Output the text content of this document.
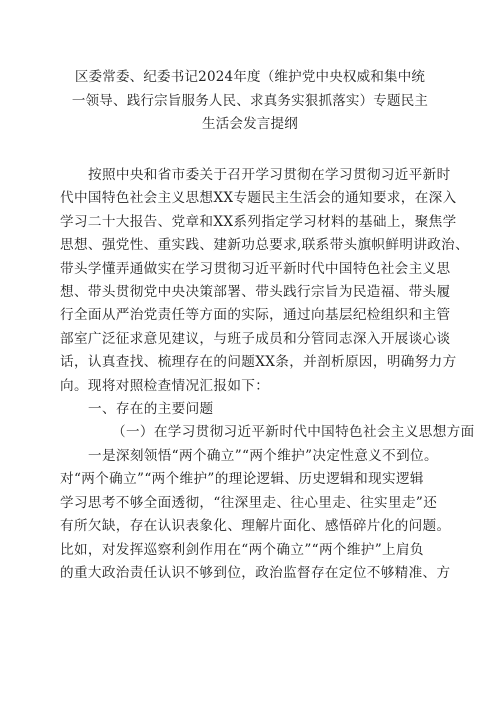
区委常委、纪委书记2024年度（维护党中央权威和集中统
一领导、践行宗旨服务人民、求真务实狠抓落实）专题民主
生活会发言提纲
按照中央和省市委关于召开学习贯彻在学习贯彻习近平新时
代中国特色社会主义思想XX专题民主生活会的通知要求，在深入
学习二十大报告、党章和XX系列指定学习材料的基础上，聚焦学
思想、强党性、重实践、建新功总要求,联系带头旗帜鲜明讲政治、
带头学懂弄通做实在学习贯彻习近平新时代中国特色社会主义思
想、带头贯彻党中央决策部署、带头践行宗旨为民造福、带头履
行全面从严治党责任等方面的实际，通过向基层纪检组织和主管
部室广泛征求意见建议，与班子成员和分管同志深入开展谈心谈
话，认真查找、梳理存在的问题XX条，并剖析原因，明确努力方
向。现将对照检查情况汇报如下：
一、存在的主要问题
（一）在学习贯彻习近平新时代中国特色社会主义思想方面
一是深刻领悟“两个确立”“两个维护”决定性意义不到位。
对“两个确立”“两个维护”的理论逻辑、历史逻辑和现实逻辑
学习思考不够全面透彻，“往深里走、往心里走、往实里走”还
有所欠缺，存在认识表象化、理解片面化、感悟碎片化的问题。
比如，对发挥巡察利剑作用在“两个确立”“两个维护”上肩负
的重大政治责任认识不够到位，政治监督存在定位不够精准、方
